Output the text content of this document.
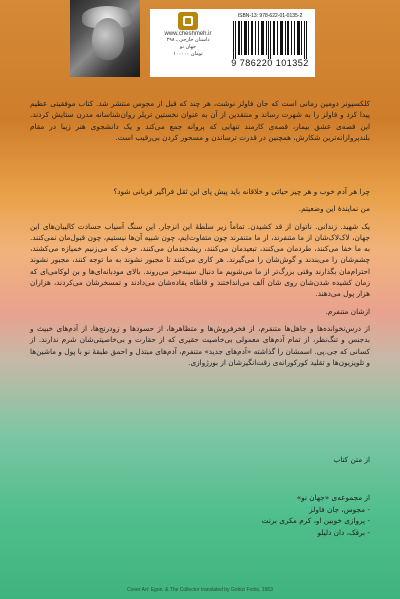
www.cheshmeh.ir
داستان خارجی ـ ۲۹۸
جهان نو
۱۰۰۰۰۰ تومان
ISBN-13: 978-622-01-0135-2
9 786220 101352

کلکسیونر دومین رمانی است که جان فاولز نوشت، هر چند که قبل از مجوس منتشر شد. کتاب موفقیتی عظیم پیدا کرد و فاولز را به شهرت رساند و منتقدین از آن به عنوان نخستین تریلر روان‌شناسانه مدرن ستایش کردند. این قصه‌ی عشق بیمار، قصه‌ی کارمند تنهایی که پروانه جمع می‌کند و یک دانشجوی هنر زیبا در مقام بلندپروازانه‌ترین شکارش، همچنین در قدرت ترساندن و مسحور کردن بی‌رقیب است.

چرا هر آدم خوب و هر چیز حیاتی و خلاقانه باید پیش پای این ثقل فراگیر قربانی شود؟

من نمایندهٔ این وضعیتم.

یک شهید. زندانی. ناتوان از قد کشیدن. تماماً زیر سلطهٔ این انزجار. این سنگ آسیاب حسادت کالیبان‌های این جهان، لاک‌لاک‌شان از ما متنفرند، از ما متنفرند چون متفاوت‌ایم، چون شبیه آن‌ها نیستیم، چون قبول‌مان نمی‌کنند. به ما خفا می‌کنند، طردمان می‌کنند، تبعیدمان می‌کنند، ریشخندمان می‌کنند، حرف که می‌زنیم خمیازه می‌کشند، چشم‌شان را می‌بندند و گوش‌شان را می‌گیرند. هر کاری می‌کنند تا مجبور نشوند به ما توجه کنند، مجبور نشوند احترام‌مان بگذارند وقتی بزرگ‌تر از ما می‌شویم ما دنبال سینه‌خیز می‌روند. بالای مودبانه‌ای‌ها و بن لوکامی‌ای که زمان کشیده شدن‌شان روی شان آلف می‌انداختند و قاطاه یقاده‌شان می‌دادند و تمسخرشان می‌کردند، هزاران هزار پول می‌دهند.

ازشان متنفرم.

از درس‌نخوانده‌ها و جاهل‌ها متنفرم، از فخرفروش‌ها و متظاهرها، از حسودها و زودرنج‌ها، از آدم‌های خبیث و بدجنس و تنگ‌نظر، از تمام آدم‌های معمولی بی‌خاصیت حقیری که از حقارت و بی‌خاصیتی‌شان شرم ندارند. از کسانی که جی.پی. اسمشان را گذاشته «آدم‌های جدید» متنفرم، آدم‌های مبتذل و احمق طبقهٔ نو با پول و ماشین‌ها و تلویزیون‌ها و تقلید کورکورانه‌ی رقت‌انگیزشان از بورژوازی.

از متن کتاب
از مجموعه‌ی «جهان نو»
- مجوس، جان فاولز
- پروازی خوبین او، کرم مکری برنت
- برفک، دان دلیلو
Cover Art: Egon. & The Collector translated by Golrizi Fortis, 1963
